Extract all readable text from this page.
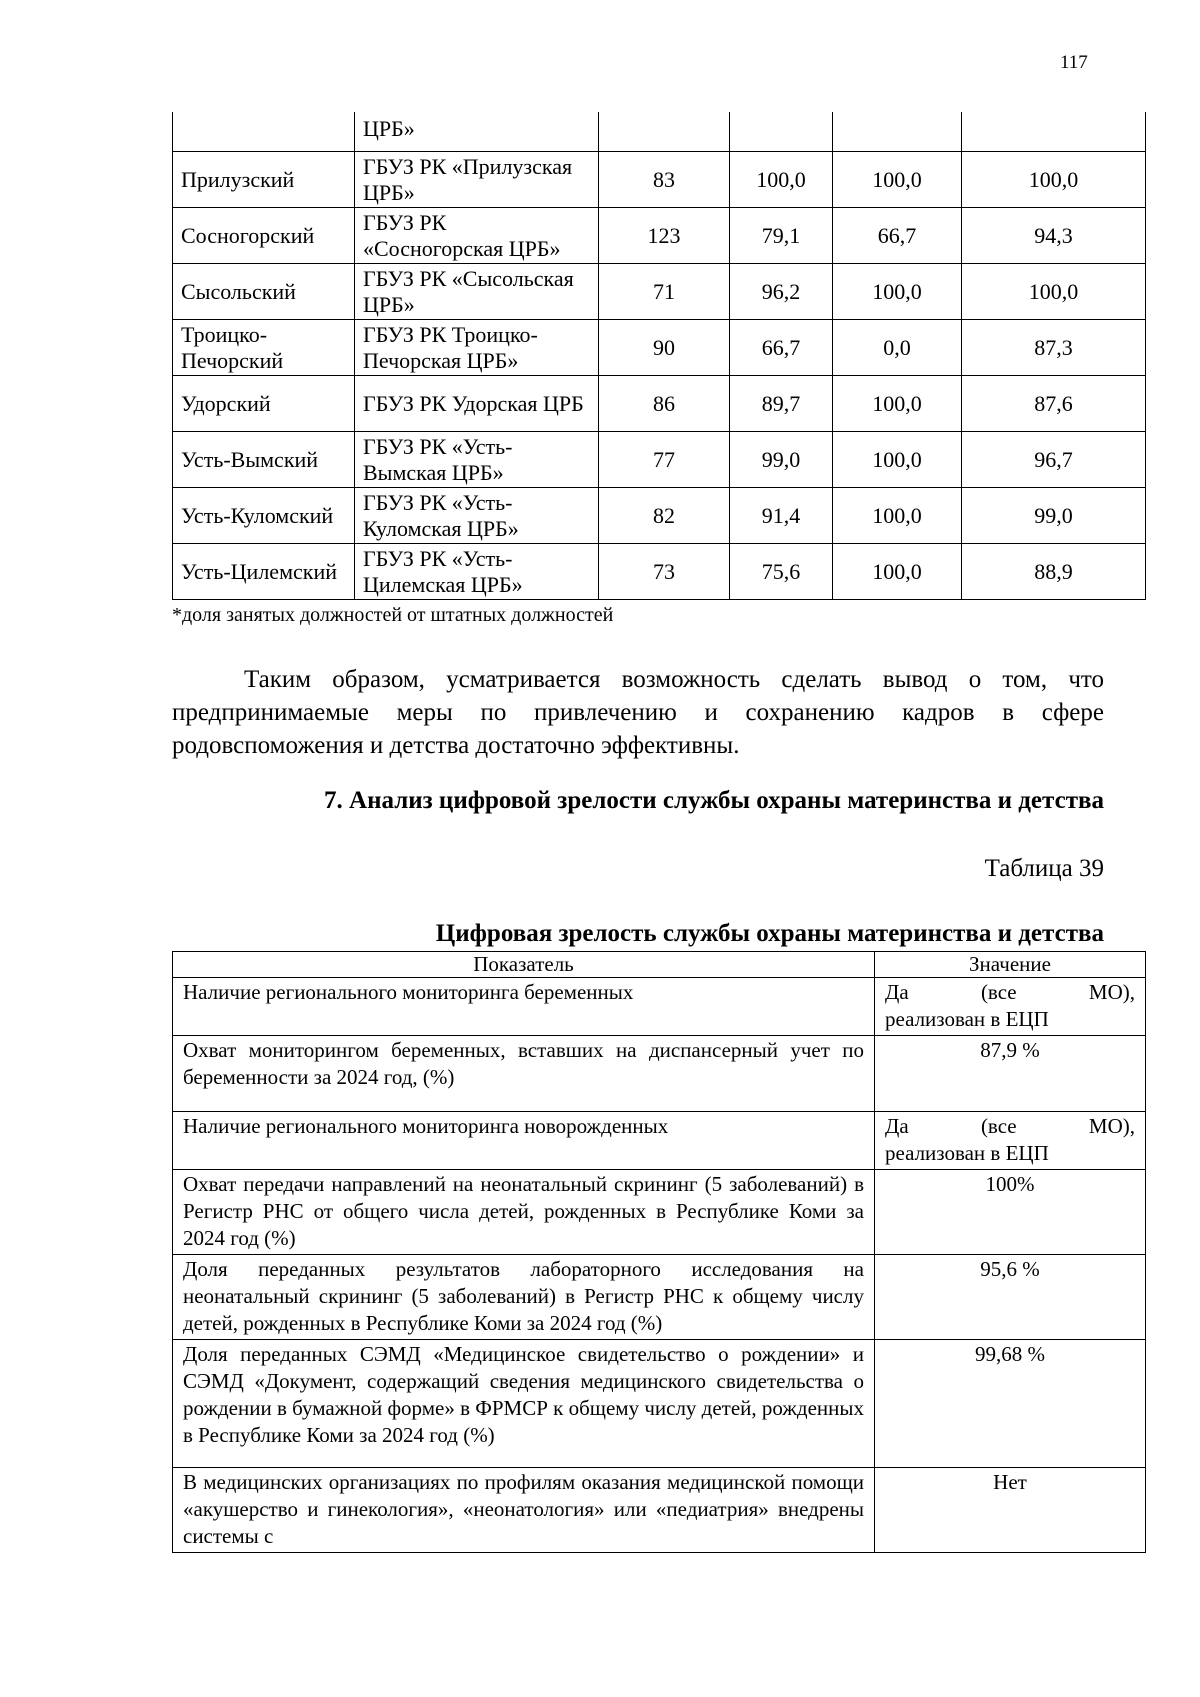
117
	ЦРБ»				
Прилузский	ГБУЗ РК «Прилузская ЦРБ»	83	100,0	100,0	100,0
Сосногорский	ГБУЗ РК «Сосногорская ЦРБ»	123	79,1	66,7	94,3
Сысольский	ГБУЗ РК «Сысольская ЦРБ»	71	96,2	100,0	100,0
Троицко-Печорский	ГБУЗ РК Троицко-Печорская ЦРБ»	90	66,7	0,0	87,3
Удорский	ГБУЗ РК Удорская ЦРБ	86	89,7	100,0	87,6
Усть-Вымский	ГБУЗ РК «Усть-Вымская ЦРБ»	77	99,0	100,0	96,7
Усть-Куломский	ГБУЗ РК «Усть-Куломская ЦРБ»	82	91,4	100,0	99,0
Усть-Цилемский	ГБУЗ РК «Усть-Цилемская ЦРБ»	73	75,6	100,0	88,9
*доля занятых должностей от штатных должностей
Таким образом, усматривается возможность сделать вывод о том, что предпринимаемые меры по привлечению и сохранению кадров в сфере родовспоможения и детства достаточно эффективны.
7. Анализ цифровой зрелости службы охраны материнства и детства
Таблица 39
Цифровая зрелость службы охраны материнства и детства
Показатель	Значение
Наличие регионального мониторинга беременных	Да (все МО),
реализован в ЕЦП

Охват мониторингом беременных, вставших на диспансерный учет по беременности за 2024 год, (%)	87,9 %
Наличие регионального мониторинга новорожденных	Да (все МО),
реализован в ЕЦП

Охват передачи направлений на неонатальный скрининг (5 заболеваний) в Регистр РНС от общего числа детей, рожденных в Республике Коми за 2024 год (%)	100%
Доля переданных результатов лабораторного исследования на неонатальный скрининг (5 заболеваний) в Регистр РНС к общему числу детей, рожденных в Республике Коми за 2024 год (%)	95,6 %
Доля переданных СЭМД «Медицинское свидетельство о рождении» и СЭМД «Документ, содержащий сведения медицинского свидетельства о рождении в бумажной форме» в ФРМСР к общему числу детей, рожденных в Республике Коми за 2024 год (%)	99,68 %
В медицинских организациях по профилям оказания медицинской помощи «акушерство и гинекология», «неонатология» или «педиатрия» внедрены системы с	Нет
